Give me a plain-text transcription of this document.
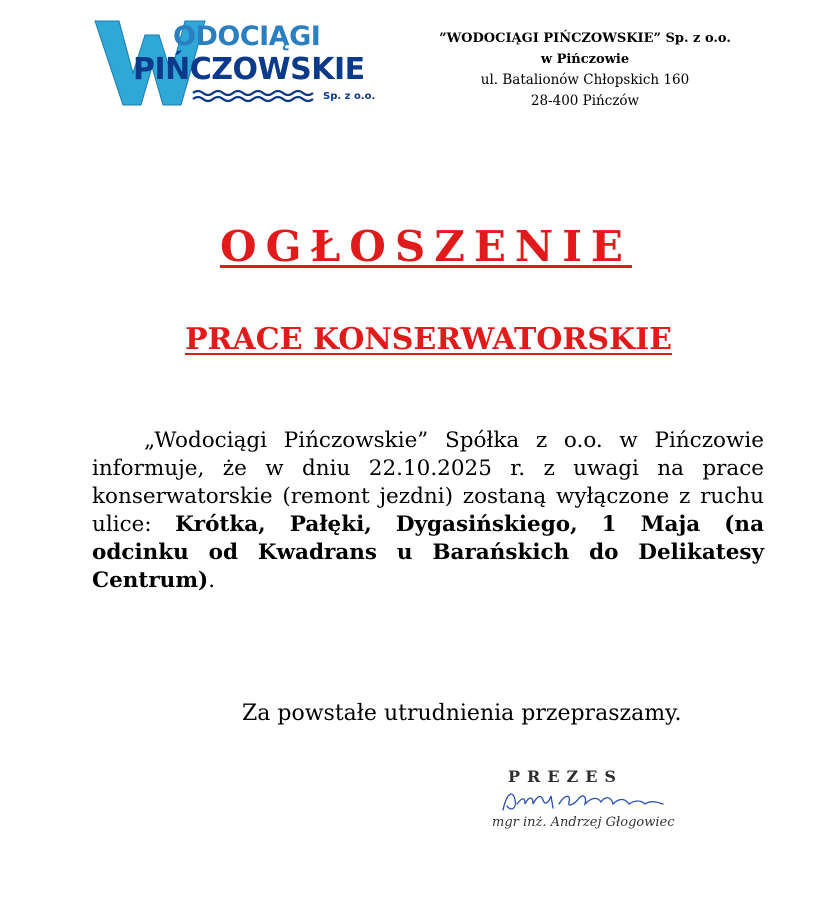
ODOCIĄGI
PIŃCZOWSKIE
Sp. z o.o.
”WODOCIĄGI PIŃCZOWSKIE” Sp. z o.o.
w Pińczowie
ul. Batalionów Chłopskich 160
28-400 Pińczów
OGŁOSZENIE
PRACE KONSERWATORSKIE
„Wodociągi Pińczowskie” Spółka z o.o. w Pińczowie informuje, że w dniu 22.10.2025 r. z uwagi na prace konserwatorskie (remont jezdni) zostaną wyłączone z ruchu ulice: Krótka, Pałęki, Dygasińskiego, 1 Maja (na odcinku od Kwadrans u Barańskich do Delikatesy Centrum).
Za powstałe utrudnienia przepraszamy.
PREZES
mgr inż. Andrzej Głogowiec
